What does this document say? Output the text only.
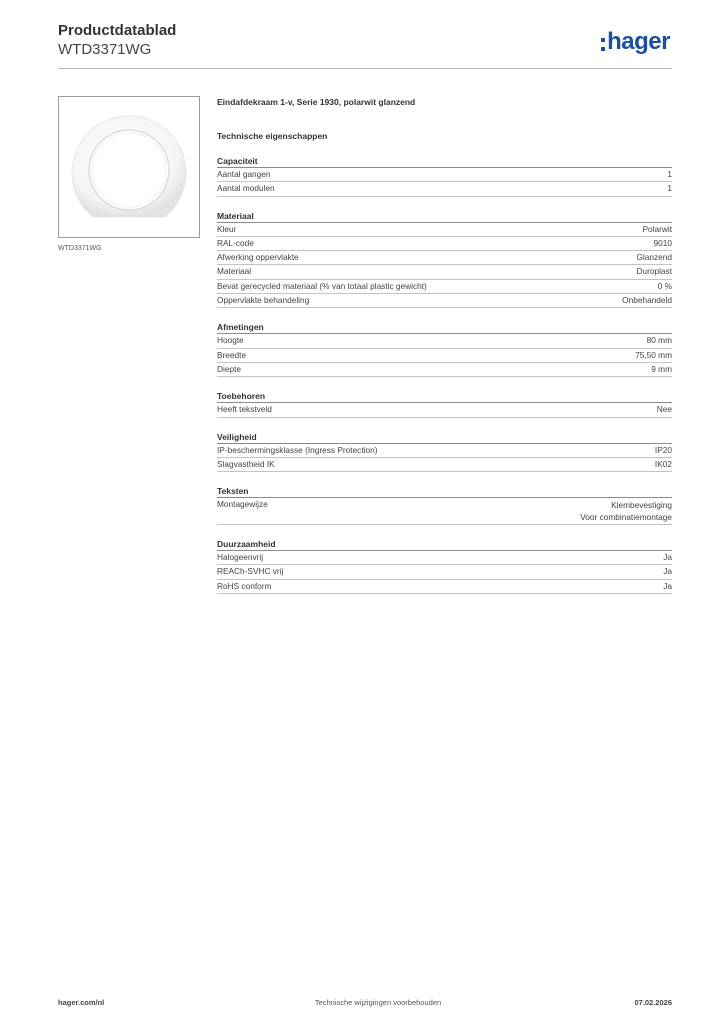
Productdatablad
WTD3371WG	hager
WTD3371WG
Eindafdekraam 1-v, Serie 1930, polarwit glanzend
Technische eigenschappen
Capaciteit
Aantal gangen	1
Aantal modulen	1
Materiaal
Kleur	Polarwit
RAL-code	9010
Afwerking oppervlakte	Glanzend
Materiaal	Duroplast
Bevat gerecycled materiaal (% van totaal plastic gewicht)	0 %
Oppervlakte behandeling	Onbehandeld
Afmetingen
Hoogte	80 mm
Breedte	75,50 mm
Diepte	9 mm
Toebehoren
Heeft tekstveld	Nee
Veiligheid
IP-beschermingsklasse (Ingress Protection)	IP20
Slagvastheid IK	IK02
Teksten
Montagewijze	Klembevestiging
Voor combinatiemontage
Duurzaamheid
Halogeenvrij	Ja
REACh-SVHC vrij	Ja
RoHS conform	Ja
hager.com/nl	Technische wijzigingen voorbehouden	07.02.2026
